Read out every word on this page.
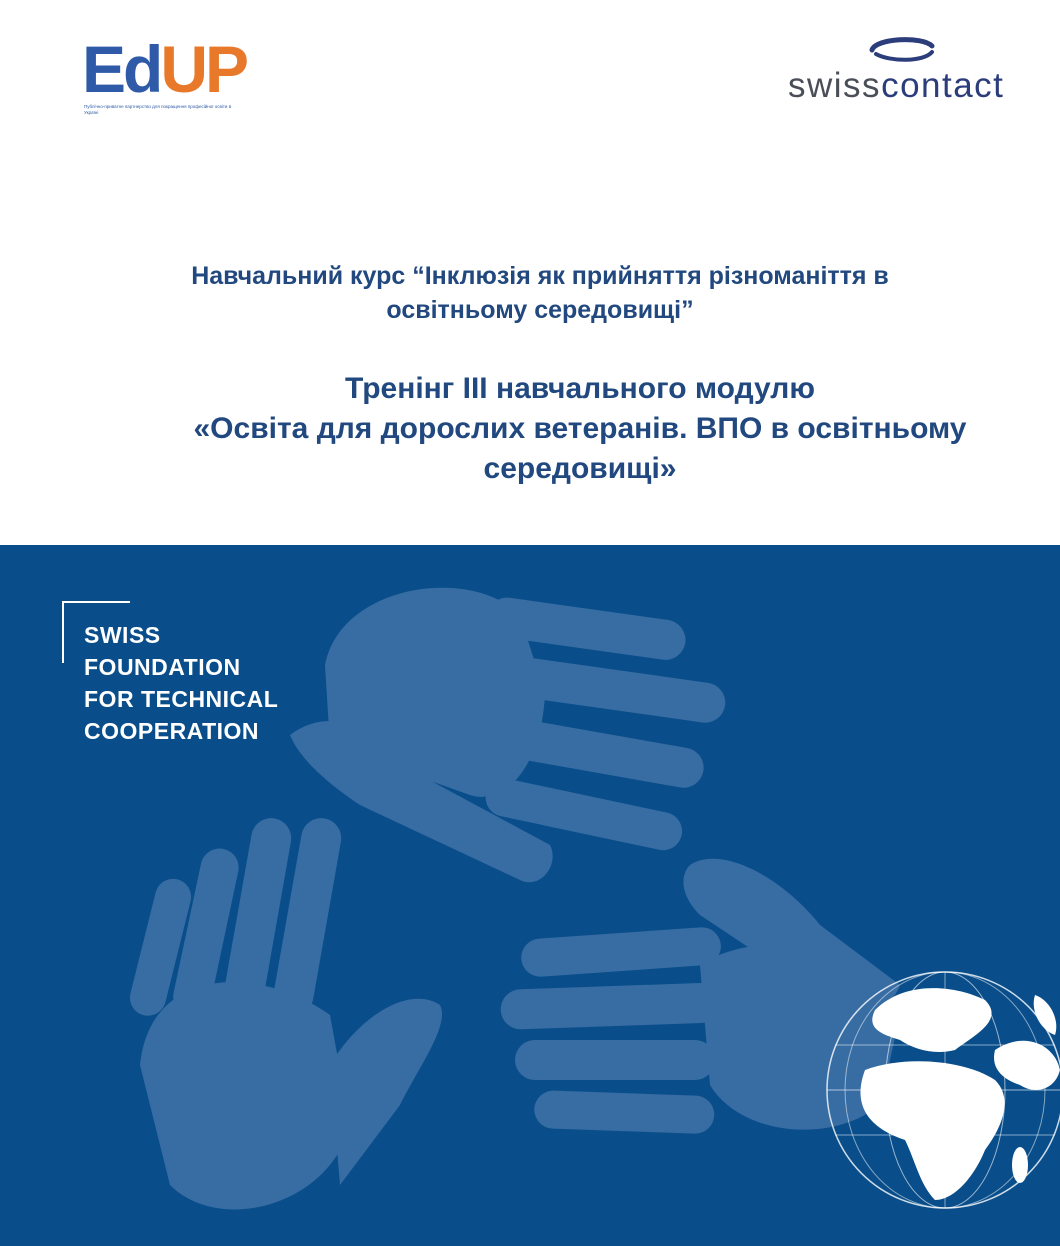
EdUP
Публічно-приватне партнерство для покращення професійної освіти в Україні
swisscontact
Навчальний курс “Інклюзія як прийняття різноманіття в
освітньому середовищі”
Тренінг III навчального модулю
«Освіта для дорослих ветеранів. ВПО в освітньому
середовищі»
SWISS
FOUNDATION
FOR TECHNICAL
COOPERATION
